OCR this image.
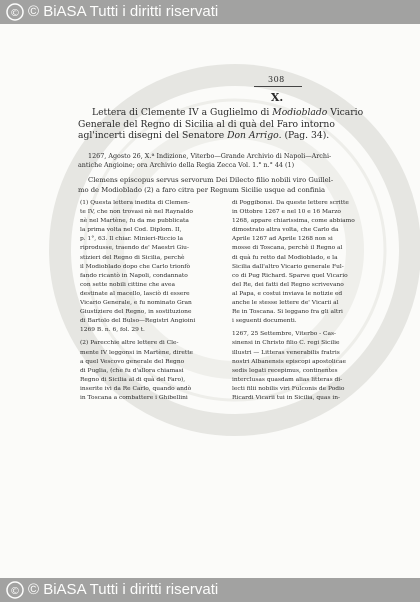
© © BiASA Tutti i diritti riservati
308
X.
Lettera di Clemente IV a Guglielmo di Modioblado Vicario
Generale del Regno di Sicilia al di quà del Faro intorno
agl'incerti disegni del Senatore Don Arrigo. (Pag. 34).
1267, Agosto 26, X.ª Indizione, Viterbo—Grande Archivio di Napoli—Archi-
antiche Angioine; ora Archivio della Regia Zecca Vol. 1.° n.° 44 (1)
Clemens episcopus servus servorum Dei Dilecto filio nobili viro Guillel-
mo de Modioblado (2) a faro citra per Regnum Sicilie usque ad confinia
(1) Questa lettera inedita di Clemen-
te IV, che non trovasi nè nel Raynaldo
nè nel Martène, fu da me pubblicata
la prima volta nel Cod. Diplom. II,
p. 1°, 63. Il chiar. Minieri-Riccio la
riprodusse, traendo de' Maestri Giu-
stizieri del Regno di Sicilia, perchè
il Modioblado dopo che Carlo trionfò
fando ricantò in Napoli, condannato
con sette nobili cittine che avea
destinate al macello, lasciò di essere
Vicario Generale, e fu nominato Gran
Giustiziere del Regno, in sostituzione
di Bartolo del Bulso—Registri Angioini
1269 B. n. 6, fol. 29 t.
(2) Parecchie altre lettere di Cle-
mente IV leggonsi in Martène, dirette
a quel Vescovo generale del Regno
di Puglia, (che fu d'allora chiamasi
Regno di Sicilia al di quà del Faro),
inserite ivi da Re Carlo, quando andò
in Toscana a combattere i Ghibellini
di Poggibonsi. Da queste lettere scritte
in Ottobre 1267 e nel 10 e 16 Marzo
1268, appare chiarissima, come abbiamo
dimostrato altra volta, che Carlo da
Aprile 1267 ad Aprile 1268 non si
mosse di Toscana, perchè il Regno al
di quà fu retto dal Modioblado, e la
Sicilia dall'altro Vicario generale Ful-
co di Pug Richard. Sparve quel Vicario
del Re, dei fatti del Regno scrivevano
al Papa, e costui inviava le notizie ed
anche le stesse lettere de' Vicarii al
Re in Toscana. Si leggano fra gli altri
i seguenti documenti.
1267, 25 Settembre, Viterbo - Cas-
sinensi in Christo filio C. regi Sicilie
illustri — Litteras venerabilis fratris
nostri Albanensis episcopi apostolicae
sedis legati recepimus, continentes
interclusas quasdam alias litteras di-
lecti filii nobilis viri Fulconis de Podio
Ricardi Vicarii tui in Sicilia, quas in-
© © BiASA Tutti i diritti riservati
